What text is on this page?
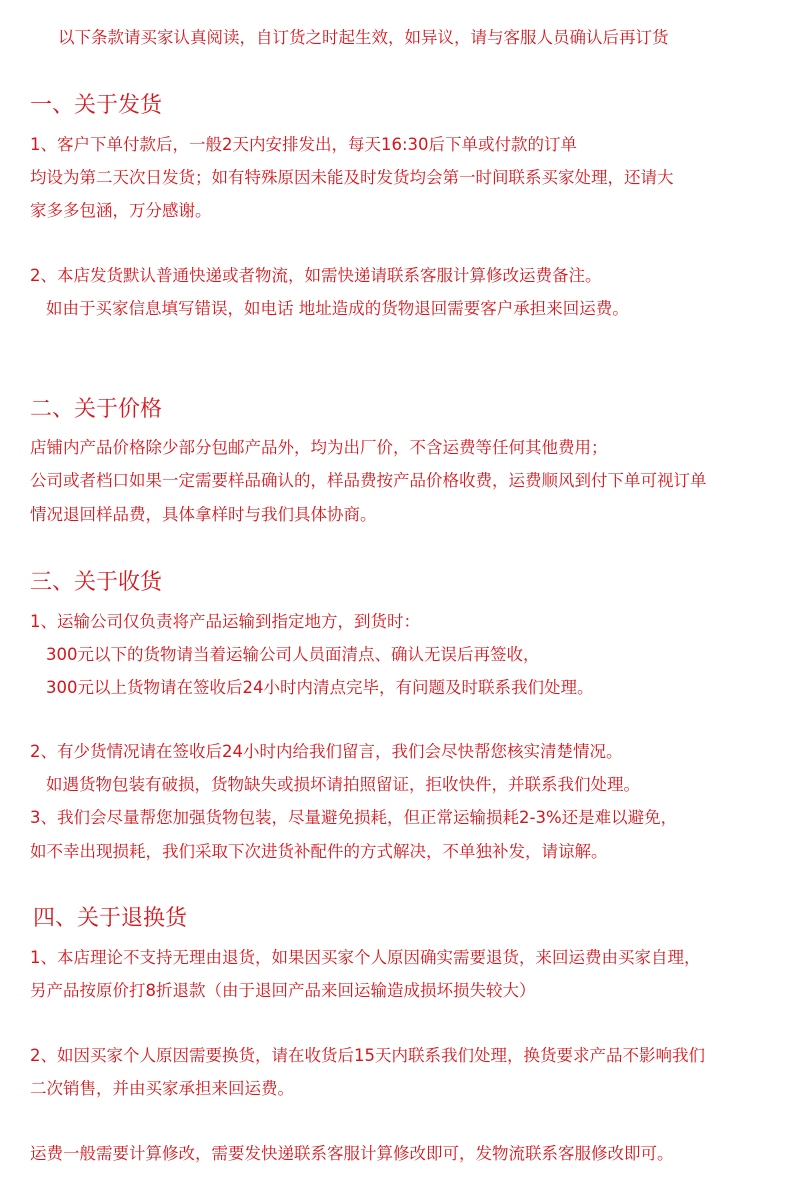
以下条款请买家认真阅读，自订货之时起生效，如异议，请与客服人员确认后再订货
一、关于发货
1、客户下单付款后，一般2天内安排发出，每天16:30后下单或付款的订单
均设为第二天次日发货；如有特殊原因未能及时发货均会第一时间联系买家处理，还请大
家多多包涵，万分感谢。
2、本店发货默认普通快递或者物流，如需快递请联系客服计算修改运费备注。
如由于买家信息填写错误，如电话 地址造成的货物退回需要客户承担来回运费。
二、关于价格
店铺内产品价格除少部分包邮产品外，均为出厂价，不含运费等任何其他费用；
公司或者档口如果一定需要样品确认的，样品费按产品价格收费，运费顺风到付下单可视订单
情况退回样品费，具体拿样时与我们具体协商。
三、关于收货
1、运输公司仅负责将产品运输到指定地方，到货时：
300元以下的货物请当着运输公司人员面清点、确认无误后再签收，
300元以上货物请在签收后24小时内清点完毕，有问题及时联系我们处理。
2、有少货情况请在签收后24小时内给我们留言，我们会尽快帮您核实清楚情况。
如遇货物包装有破损，货物缺失或损坏请拍照留证，拒收快件，并联系我们处理。
3、我们会尽量帮您加强货物包装，尽量避免损耗，但正常运输损耗2-3%还是难以避免，
如不幸出现损耗，我们采取下次进货补配件的方式解决，不单独补发，请谅解。
四、关于退换货
1、本店理论不支持无理由退货，如果因买家个人原因确实需要退货，来回运费由买家自理，
另产品按原价打8折退款（由于退回产品来回运输造成损坏损失较大）
2、如因买家个人原因需要换货，请在收货后15天内联系我们处理，换货要求产品不影响我们
二次销售，并由买家承担来回运费。
运费一般需要计算修改，需要发快递联系客服计算修改即可，发物流联系客服修改即可。
